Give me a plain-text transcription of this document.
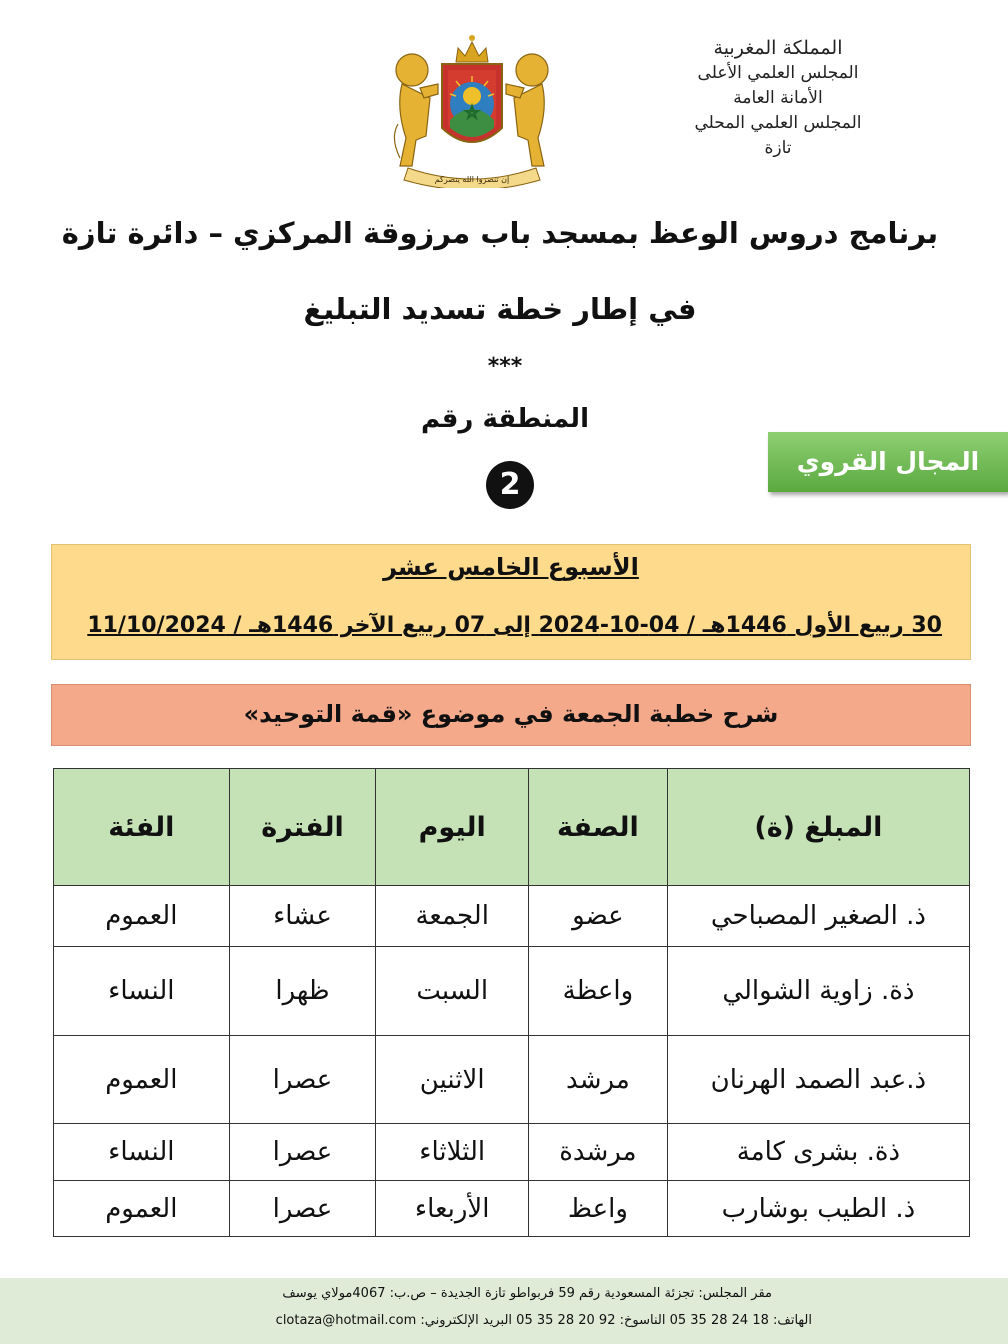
المملكة المغربية
المجلس العلمي الأعلى
الأمانة العامة
المجلس العلمي المحلي
تازة
إن تنصروا الله ينصركم
برنامج دروس الوعظ بمسجد باب مرزوقة المركزي – دائرة تازة
في إطار خطة تسديد التبليغ
***
المنطقة رقم
2
المجال القروي
الأسبوع الخامس عشر
30 ربيع الأول 1446هـ / 04-10-2024 إلى 07 ربيع الآخر 1446هـ / 11/10/2024
شرح خطبة الجمعة في موضوع «قمة التوحيد»
المبلغ (ة)	الصفة	اليوم	الفترة	الفئة
ذ. الصغير المصباحي	عضو	الجمعة	عشاء	العموم
ذة. زاوية الشوالي	واعظة	السبت	ظهرا	النساء
ذ.عبد الصمد الهرنان	مرشد	الاثنين	عصرا	العموم
ذة. بشرى كامة	مرشدة	الثلاثاء	عصرا	النساء
ذ. الطيب بوشارب	واعظ	الأربعاء	عصرا	العموم
مقر المجلس: تجزئة المسعودية رقم 59 فربواطو تازة الجديدة – ص.ب: 4067مولاي يوسف
الهاتف: 18 24 28 35 05 الناسوخ: 92 20 28 35 05 البريد الإلكتروني: clotaza@hotmail.com
